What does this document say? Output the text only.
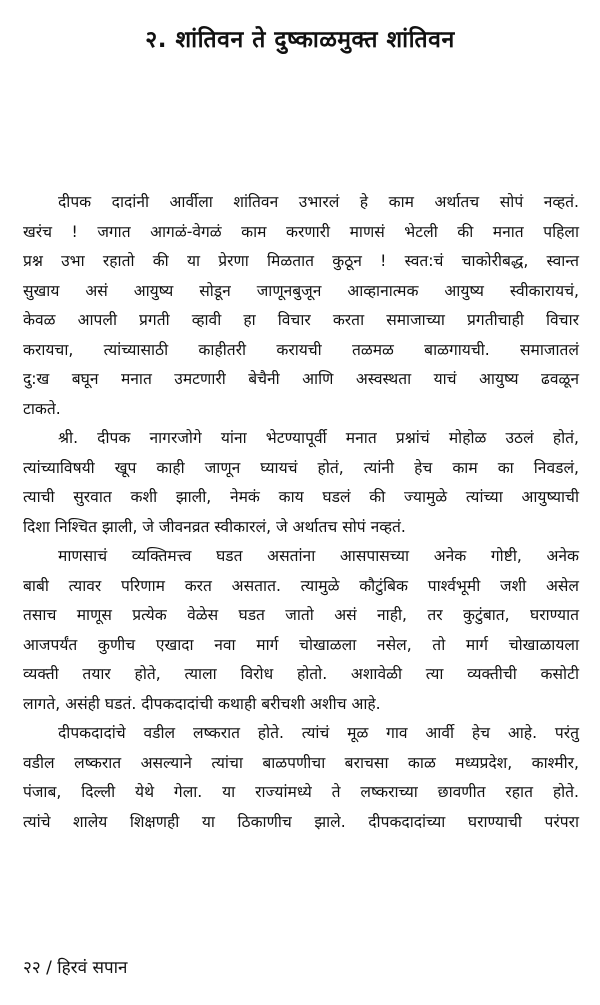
२. शांतिवन ते दुष्काळमुक्त शांतिवन
दीपक दादांनी आर्वीला शांतिवन उभारलं हे काम अर्थातच सोपं नव्हतं.
खरंच ! जगात आगळं-वेगळं काम करणारी माणसं भेटली की मनात पहिला
प्रश्न उभा रहातो की या प्रेरणा मिळतात कुठून ! स्वत:चं चाकोरीबद्ध, स्वान्त
सुखाय असं आयुष्य सोडून जाणूनबुजून आव्हानात्मक आयुष्य स्वीकारायचं,
केवळ आपली प्रगती व्हावी हा विचार करता समाजाच्या प्रगतीचाही विचार
करायचा, त्यांच्यासाठी काहीतरी करायची तळमळ बाळगायची. समाजातलं
दु:ख बघून मनात उमटणारी बेचैनी आणि अस्वस्थता याचं आयुष्य ढवळून
टाकते.
श्री. दीपक नागरजोगे यांना भेटण्यापूर्वी मनात प्रश्नांचं मोहोळ उठलं होतं,
त्यांच्याविषयी खूप काही जाणून घ्यायचं होतं, त्यांनी हेच काम का निवडलं,
त्याची सुरवात कशी झाली, नेमकं काय घडलं की ज्यामुळे त्यांच्या आयुष्याची
दिशा निश्चित झाली, जे जीवनव्रत स्वीकारलं, जे अर्थातच सोपं नव्हतं.
माणसाचं व्यक्तिमत्त्व घडत असतांना आसपासच्या अनेक गोष्टी, अनेक
बाबी त्यावर परिणाम करत असतात. त्यामुळे कौटुंबिक पार्श्वभूमी जशी असेल
तसाच माणूस प्रत्येक वेळेस घडत जातो असं नाही, तर कुटुंबात, घराण्यात
आजपर्यंत कुणीच एखादा नवा मार्ग चोखाळला नसेल, तो मार्ग चोखाळायला
व्यक्ती तयार होते, त्याला विरोध होतो. अशावेळी त्या व्यक्तीची कसोटी
लागते, असंही घडतं. दीपकदादांची कथाही बरीचशी अशीच आहे.
दीपकदादांचे वडील लष्करात होते. त्यांचं मूळ गाव आर्वी हेच आहे. परंतु
वडील लष्करात असल्याने त्यांचा बाळपणीचा बराचसा काळ मध्यप्रदेश, काश्मीर,
पंजाब, दिल्ली येथे गेला. या राज्यांमध्ये ते लष्कराच्या छावणीत रहात होते.
त्यांचे शालेय शिक्षणही या ठिकाणीच झाले. दीपकदादांच्या घराण्याची परंपरा
२२ / हिरवं सपान
